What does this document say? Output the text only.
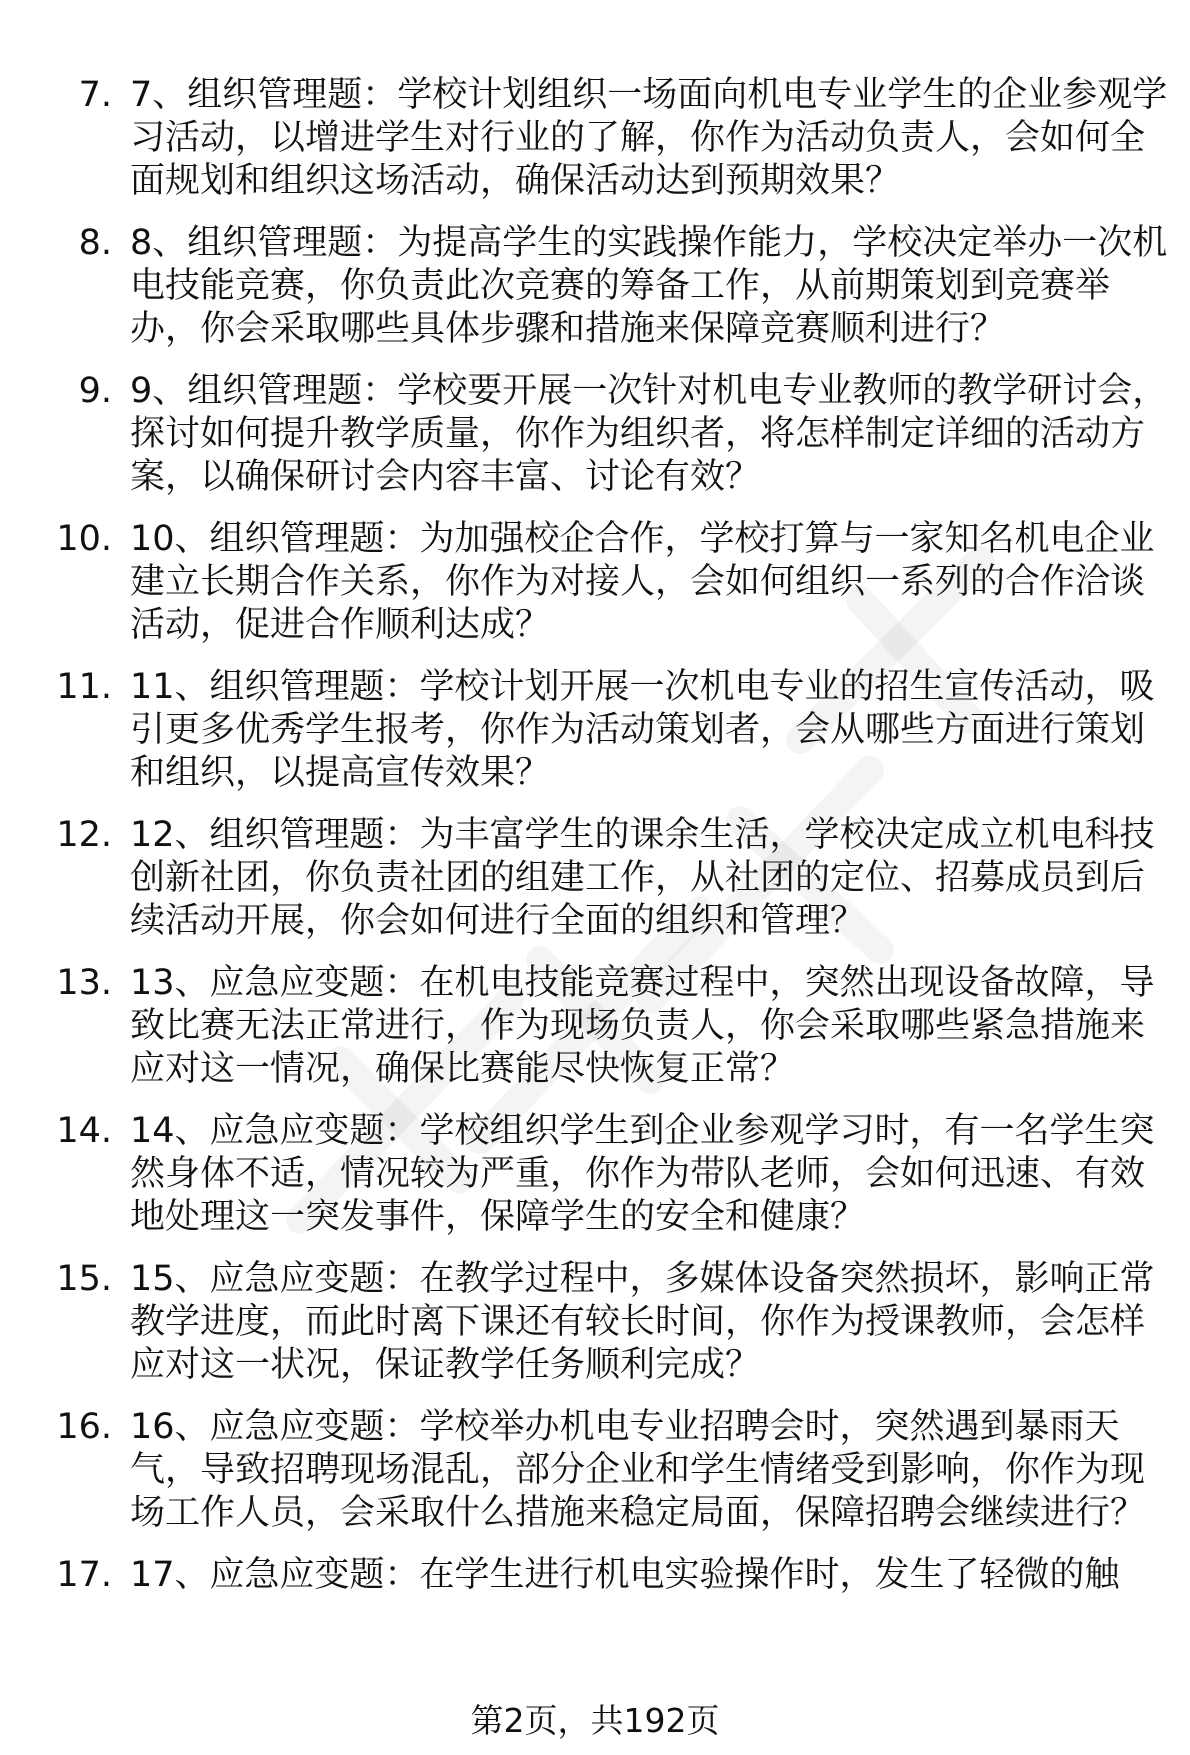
7. 7、组织管理题：学校计划组织一场面向机电专业学生的企业参观学习活动，以增进学生对行业的了解，你作为活动负责人，会如何全面规划和组织这场活动，确保活动达到预期效果？
8. 8、组织管理题：为提高学生的实践操作能力，学校决定举办一次机电技能竞赛，你负责此次竞赛的筹备工作，从前期策划到竞赛举办，你会采取哪些具体步骤和措施来保障竞赛顺利进行？
9. 9、组织管理题：学校要开展一次针对机电专业教师的教学研讨会，探讨如何提升教学质量，你作为组织者，将怎样制定详细的活动方案，以确保研讨会内容丰富、讨论有效？
10. 10、组织管理题：为加强校企合作，学校打算与一家知名机电企业建立长期合作关系，你作为对接人，会如何组织一系列的合作洽谈活动，促进合作顺利达成？
11. 11、组织管理题：学校计划开展一次机电专业的招生宣传活动，吸引更多优秀学生报考，你作为活动策划者，会从哪些方面进行策划和组织，以提高宣传效果？
12. 12、组织管理题：为丰富学生的课余生活，学校决定成立机电科技创新社团，你负责社团的组建工作，从社团的定位、招募成员到后续活动开展，你会如何进行全面的组织和管理？
13. 13、应急应变题：在机电技能竞赛过程中，突然出现设备故障，导致比赛无法正常进行，作为现场负责人，你会采取哪些紧急措施来应对这一情况，确保比赛能尽快恢复正常？
14. 14、应急应变题：学校组织学生到企业参观学习时，有一名学生突然身体不适，情况较为严重，你作为带队老师，会如何迅速、有效地处理这一突发事件，保障学生的安全和健康？
15. 15、应急应变题：在教学过程中，多媒体设备突然损坏，影响正常教学进度，而此时离下课还有较长时间，你作为授课教师，会怎样应对这一状况，保证教学任务顺利完成？
16. 16、应急应变题：学校举办机电专业招聘会时，突然遇到暴雨天气，导致招聘现场混乱，部分企业和学生情绪受到影响，你作为现场工作人员，会采取什么措施来稳定局面，保障招聘会继续进行？
17. 17、应急应变题：在学生进行机电实验操作时，发生了轻微的触
第2页，共192页
